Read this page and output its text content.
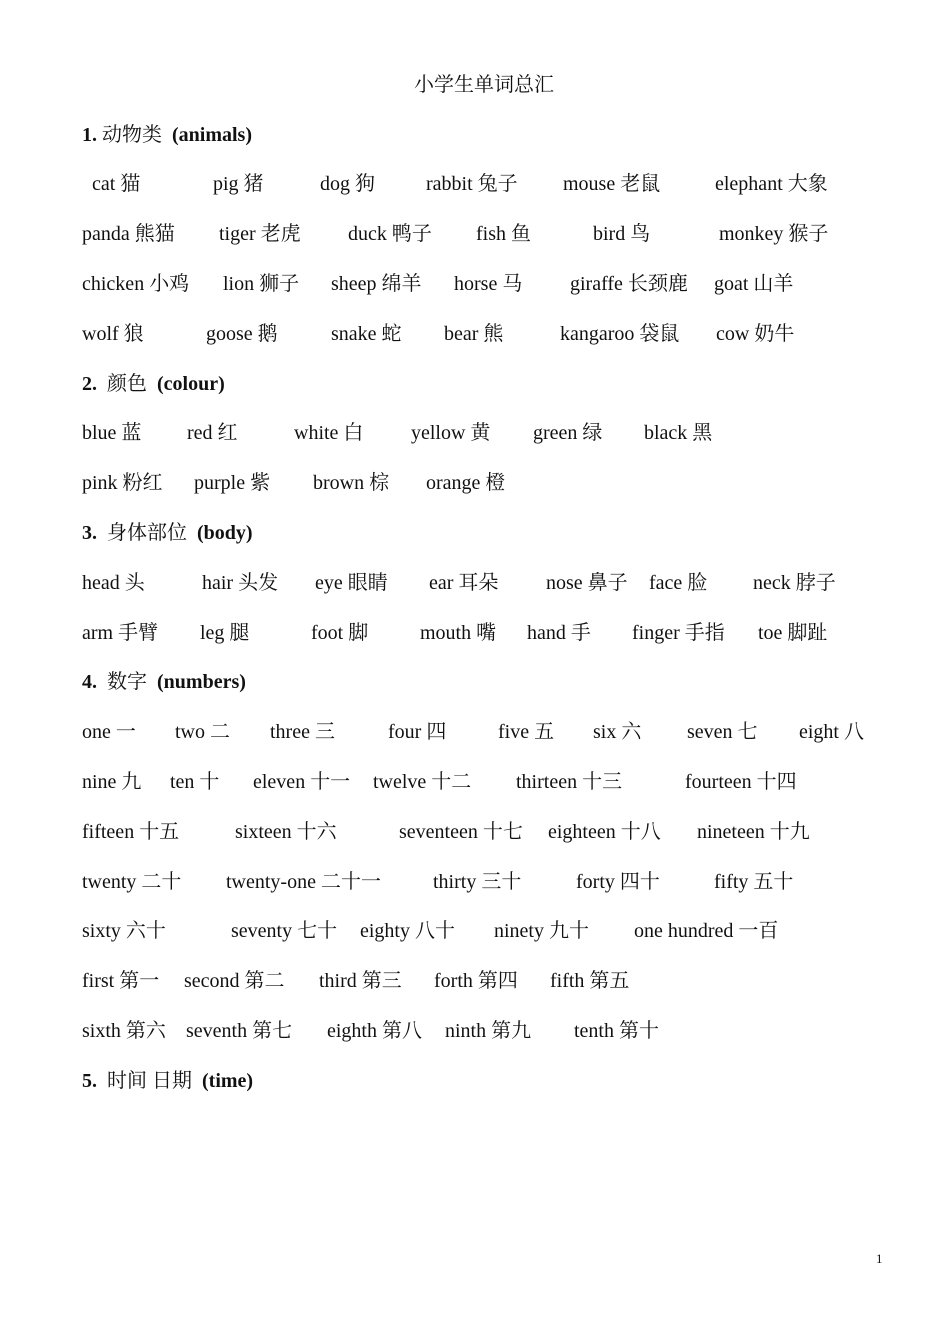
小学生单词总汇
1. 动物类 (animals)
cat 猫	pig 猪	dog 狗	rabbit 兔子 mouse 老鼠	elephant 大象
panda 熊猫 tiger 老虎 duck 鸭子 fish 鱼	bird 鸟	monkey 猴子
chicken 小鸡 lion 狮子 sheep 绵羊 horse 马 giraffe 长颈鹿 goat 山羊
wolf 狼	goose 鹅	snake 蛇 bear 熊	kangaroo 袋鼠 cow 奶牛
2. 颜色 (colour)
blue 蓝 red 红	white 白 yellow 黄 green 绿 black 黑
pink 粉红 purple 紫 brown 棕 orange 橙
3. 身体部位 (body)
head 头	hair 头发 eye 眼睛 ear 耳朵 nose 鼻子 face 脸 neck 脖子
arm 手臂 leg 腿	foot 脚	mouth 嘴 hand 手 finger 手指 toe 脚趾
4. 数字 (numbers)
one 一 two 二 three 三	four 四	five 五 six 六 seven 七 eight 八
nine 九 ten 十 eleven 十一 twelve 十二 thirteen 十三	fourteen 十四
fifteen 十五	sixteen 十六	seventeen 十七 eighteen 十八 nineteen 十九
twenty 二十 twenty-one 二十一	thirty 三十	forty 四十	fifty 五十
sixty 六十	seventy 七十 eighty 八十 ninety 九十 one hundred 一百
first 第一 second 第二 third 第三 forth 第四 fifth 第五
sixth 第六 seventh 第七 eighth 第八 ninth 第九 tenth 第十
5. 时间 日期 (time)
1
